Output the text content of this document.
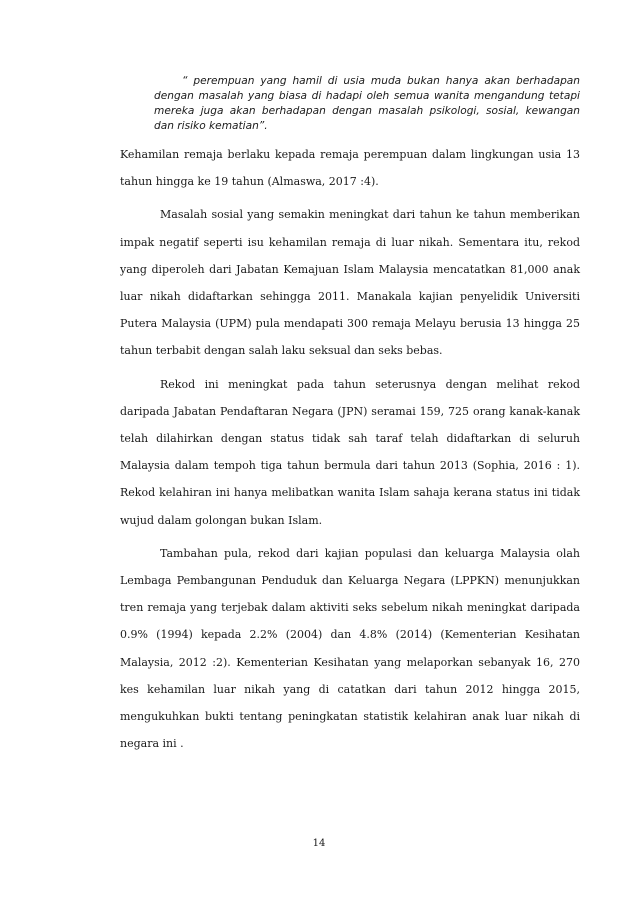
“ perempuan yang hamil di usia muda bukan hanya akan berhadapan dengan masalah yang biasa di hadapi oleh semua wanita mengandung tetapi mereka juga akan berhadapan dengan masalah psikologi, sosial, kewangan dan risiko kematian”.

Kehamilan remaja berlaku kepada remaja perempuan dalam lingkungan usia 13 tahun hingga ke 19 tahun (Almaswa, 2017 :4).

Masalah sosial yang semakin meningkat dari tahun ke tahun memberikan impak negatif seperti isu kehamilan remaja di luar nikah. Sementara itu, rekod yang diperoleh dari Jabatan Kemajuan Islam Malaysia mencatatkan 81,000 anak luar nikah didaftarkan sehingga 2011. Manakala kajian penyelidik Universiti Putera Malaysia (UPM) pula mendapati 300 remaja Melayu berusia 13 hingga 25 tahun terbabit dengan salah laku seksual dan seks bebas.

Rekod ini meningkat pada tahun seterusnya dengan melihat rekod daripada Jabatan Pendaftaran Negara (JPN) seramai 159, 725 orang kanak-kanak telah dilahirkan dengan status tidak sah taraf telah didaftarkan di seluruh Malaysia dalam tempoh tiga tahun bermula dari tahun 2013 (Sophia, 2016 : 1). Rekod kelahiran ini hanya melibatkan wanita Islam sahaja kerana status ini tidak wujud dalam golongan bukan Islam.

Tambahan pula, rekod dari kajian populasi dan keluarga Malaysia olah Lembaga Pembangunan Penduduk dan Keluarga Negara (LPPKN) menunjukkan tren remaja yang terjebak dalam aktiviti seks sebelum nikah meningkat daripada 0.9% (1994) kepada 2.2% (2004) dan 4.8% (2014) (Kementerian Kesihatan Malaysia, 2012 :2). Kementerian Kesihatan yang melaporkan sebanyak 16, 270 kes kehamilan luar nikah yang di catatkan dari tahun 2012 hingga 2015, mengukuhkan bukti tentang peningkatan statistik kelahiran anak luar nikah di negara ini .

14
